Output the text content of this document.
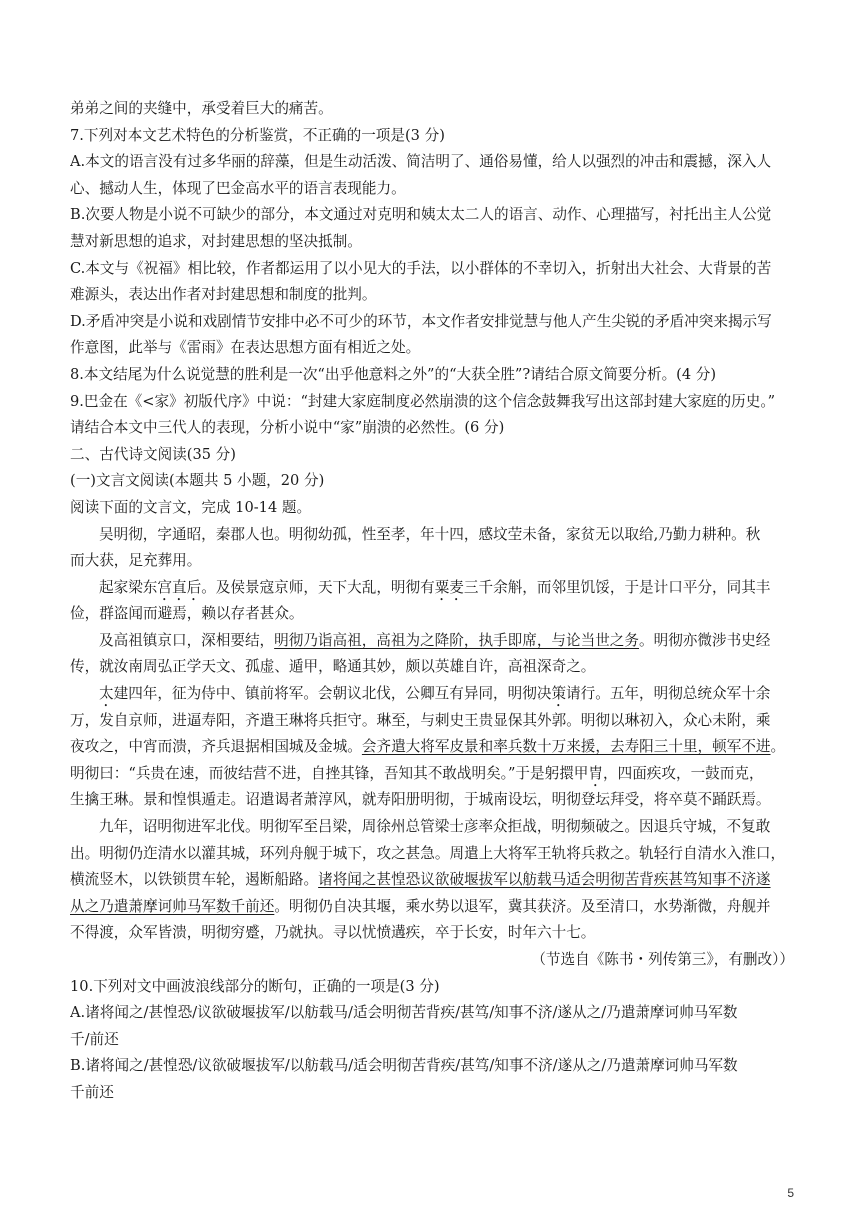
弟弟之间的夹缝中，承受着巨大的痛苦。
7.下列对本文艺术特色的分析鉴赏，不正确的一项是(3 分)
A.本文的语言没有过多华丽的辞藻，但是生动活泼、简洁明了、通俗易懂，给人以强烈的冲击和震撼，深入人
心、撼动人生，体现了巴金高水平的语言表现能力。
B.次要人物是小说不可缺少的部分，本文通过对克明和姨太太二人的语言、动作、心理描写，衬托出主人公觉
慧对新思想的追求，对封建思想的坚决抵制。
C.本文与《祝福》相比较，作者都运用了以小见大的手法，以小群体的不幸切入，折射出大社会、大背景的苦
难源头，表达出作者对封建思想和制度的批判。
D.矛盾冲突是小说和戏剧情节安排中必不可少的环节，本文作者安排觉慧与他人产生尖锐的矛盾冲突来揭示写
作意图，此举与《雷雨》在表达思想方面有相近之处。
8.本文结尾为什么说觉慧的胜利是一次“出乎他意料之外”的“大获全胜”?请结合原文简要分析。(4 分)
9.巴金在《<家》初版代序》中说：“封建大家庭制度必然崩溃的这个信念鼓舞我写出这部封建大家庭的历史。”
请结合本文中三代人的表现，分析小说中“家”崩溃的必然性。(6 分)
二、古代诗文阅读(35 分)
(一)文言文阅读(本题共 5 小题，20 分)
阅读下面的文言文，完成 10-14 题。
吴明彻，字通昭，秦郡人也。明彻幼孤，性至孝，年十四，感坟茔未备，家贫无以取给,乃勤力耕种。秋
而大获，足充葬用。
起家梁东宫直后。及侯景寇京师，天下大乱，明彻有粟麦三千余斛，而邻里饥馁，于是计口平分，同其丰
俭，群盗闻而避焉，赖以存者甚众。
及高祖镇京口，深相要结，明彻乃诣高祖，高祖为之降阶，执手即席，与论当世之务。明彻亦微涉书史经
传，就汝南周弘正学天文、孤虚、遁甲，略通其妙，颇以英雄自许，高祖深奇之。
太建四年，征为侍中、镇前将军。会朝议北伐，公卿互有异同，明彻决策请行。五年，明彻总统众军十余
万，发自京师，进逼寿阳，齐遣王琳将兵拒守。琳至，与刺史王贵显保其外郭。明彻以琳初入，众心未附，乘
夜攻之，中宵而溃，齐兵退据相国城及金城。会齐遣大将军皮景和率兵数十万来援，去寿阳三十里，顿军不进。
明彻曰：“兵贵在速，而彼结营不进，自挫其锋，吾知其不敢战明矣。”于是躬擐甲胄，四面疾攻，一鼓而克，
生擒王琳。景和惶惧遁走。诏遣谒者萧淳风，就寿阳册明彻，于城南设坛，明彻登坛拜受，将卒莫不踊跃焉。
九年，诏明彻进军北伐。明彻军至吕梁，周徐州总管梁士彦率众拒战，明彻频破之。因退兵守城，不复敢
出。明彻仍迮清水以灌其城，环列舟舰于城下，攻之甚急。周遣上大将军王轨将兵救之。轨轻行自清水入淮口，
横流竖木，以铁锁贯车轮，遏断船路。诸将闻之甚惶恐议欲破堰拔军以舫载马适会明彻苦背疾甚笃知事不济遂
从之乃遣萧摩诃帅马军数千前还。明彻仍自决其堰，乘水势以退军，冀其获济。及至清口，水势渐微，舟舰并
不得渡，众军皆溃，明彻穷蹙，乃就执。寻以忧愤遘疾，卒于长安，时年六十七。
（节选自《陈书・列传第三》，有删改））
10.下列对文中画波浪线部分的断句，正确的一项是(3 分)
A.诸将闻之/甚惶恐/议欲破堰拔军/以舫载马/适会明彻苦背疾/甚笃/知事不济/遂从之/乃遣萧摩诃帅马军数
千/前还
B.诸将闻之/甚惶恐/议欲破堰拔军/以舫载马/适会明彻苦背疾/甚笃/知事不济/遂从之/乃遣萧摩诃帅马军数
千前还
5
